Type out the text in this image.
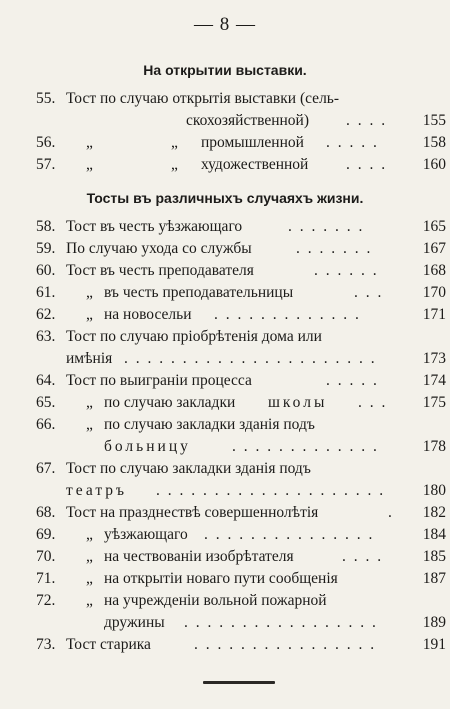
— 8 —
На открытии выставки.
55. Тост по случаю открытія выставки (сель-
скохозяйственной) . . . . 155
56. „	„ промышленной . . . . .	158
57. „	„ художественной . . . . 160
Тосты въ различныхъ случаяхъ жизни.
58. Тост въ честь уѣзжающаго	. . . . . . .	165
59. По случаю ухода со службы	. . . . . . .	167
60. Тост въ честь преподавателя	. . . . . .	168
61. „ въ честь преподавательницы	. . .	170
62. „ на новосельи . . . . . . . . . . . . .	171
63. Тост по случаю пріобрѣтенія дома или
имѣнія . . . . . . . . . . . . . . . . . . . . . .	173
64. Тост по выиграніи процесса	. . . . .	174
65. „ по случаю закладки школы . . . 175
66. „ по случаю закладки зданія подъ
больницу	. . . . . . . . . . . . .	178
67. Тост по случаю закладки зданія подъ
театръ . . . . . . . . . . . . . . . . . . . . 180
68. Тост на празднествѣ совершеннолѣтія	. 182
69. „ уѣзжающаго . . . . . . . . . . . . . . .	184
70. „ на чествованіи изобрѣтателя	. . . .	185
71. „ на открытіи новаго пути сообщенія	187
72. „ на учрежденіи вольной пожарной
дружины . . . . . . . . . . . . . . . . .	189
73. Тост старика	. . . . . . . . . . . . . . . .	191
